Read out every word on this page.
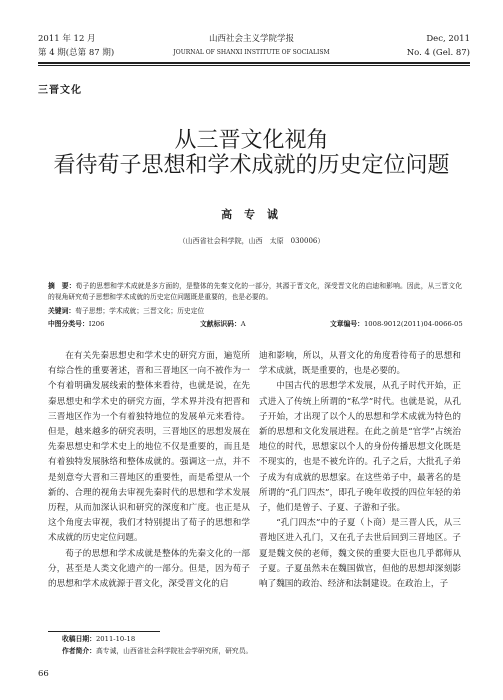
2011 年 12 月
第 4 期(总第 87 期)
山西社会主义学院学报
JOURNAL OF SHANXI INSTITUTE OF SOCIALISM
Dec, 2011
No. 4 (Gel. 87)
三晋文化
从三晋文化视角
看待荀子思想和学术成就的历史定位问题
高 专 诚
（山西省社会科学院，山西　太原　030006）
摘　要：荀子的思想和学术成就是多方面的，是整体的先秦文化的一部分，其源于晋文化，深受晋文化的启迪和影响。因此，从三晋文化的视角研究荀子思想和学术成就的历史定位问题既是重要的，也是必要的。
关键词：荀子思想；学术成就；三晋文化；历史定位
中图分类号：I206	文献标识码：A	文章编号：1008-9012(2011)04-0066-05

在有关先秦思想史和学术史的研究方面，遍览所有综合性的重要著述，晋和三晋地区一向不被作为一个有着明确发展线索的整体来看待，也就是说，在先秦思想史和学术史的研究方面，学术界并没有把晋和三晋地区作为一个有着独特地位的发展单元来看待。但是，越来越多的研究表明，三晋地区的思想发展在先秦思想史和学术史上的地位不仅是重要的，而且是有着独特发展脉络和整体成就的。强调这一点，并不是刻意夸大晋和三晋地区的重要性，而是希望从一个新的、合理的视角去审视先秦时代的思想和学术发展历程，从而加深认识和研究的深度和广度。也正是从这个角度去审视，我们才特别提出了荀子的思想和学术成就的历史定位问题。

荀子的思想和学术成就是整体的先秦文化的一部分，甚至是人类文化遗产的一部分。但是，因为荀子的思想和学术成就源于晋文化，深受晋文化的启

迪和影响，所以，从晋文化的角度看待荀子的思想和学术成就，既是重要的，也是必要的。

中国古代的思想学术发展，从孔子时代开始，正式进入了传统上所谓的“私学”时代。也就是说，从孔子开始，才出现了以个人的思想和学术成就为特色的新的思想和文化发展进程。在此之前是“官学”占统治地位的时代，思想家以个人的身份传播思想文化既是不现实的，也是不被允许的。孔子之后，大批孔子弟子成为有成就的思想家。在这些弟子中，最著名的是所谓的“孔门四杰”，即孔子晚年收授的四位年轻的弟子，他们是曾子、子夏、子游和子张。

“孔门四杰”中的子夏（卜商）是三晋人氏，从三晋地区进入孔门，又在孔子去世后回到三晋地区。子夏是魏文侯的老师，魏文侯的重要大臣也几乎都师从子夏。子夏虽然未在魏国做官，但他的思想却深刻影响了魏国的政治、经济和法制建设。在政治上，子

收稿日期：2011-10-18
作者简介：高专诚，山西省社会科学院社会学研究所，研究员。
66
